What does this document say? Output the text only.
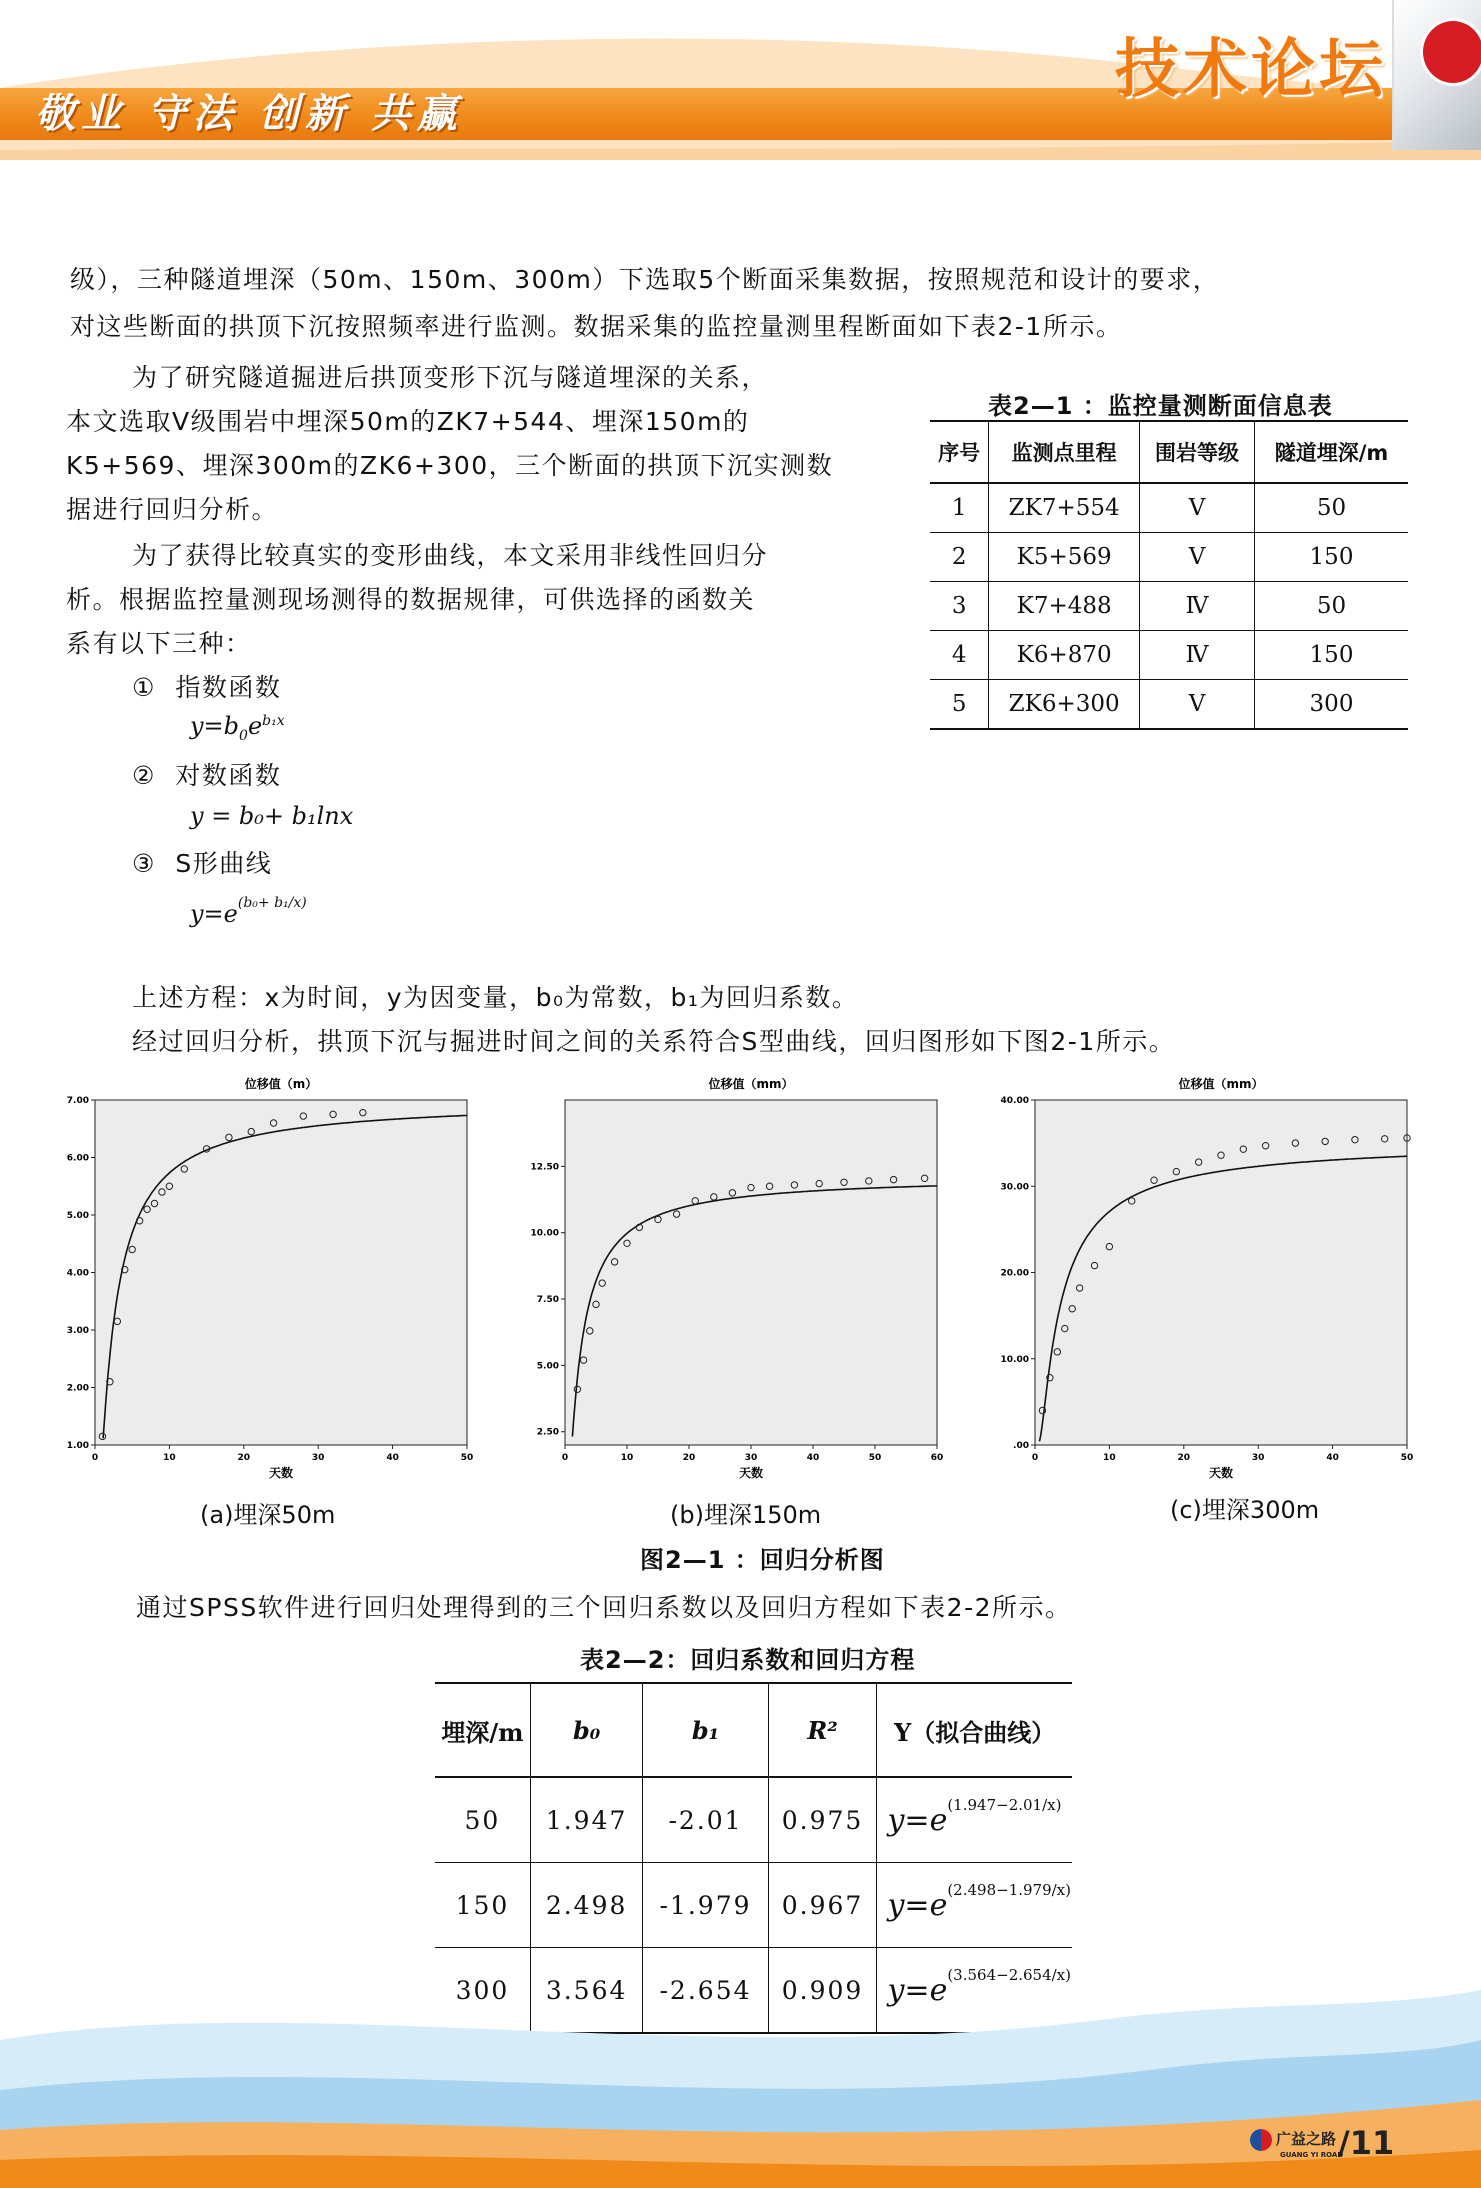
敬业 守法 创新 共赢
技术论坛
级），三种隧道埋深（50m、150m、300m）下选取5个断面采集数据，按照规范和设计的要求，
对这些断面的拱顶下沉按照频率进行监测。数据采集的监控量测里程断面如下表2-1所示。
为了研究隧道掘进后拱顶变形下沉与隧道埋深的关系，
本文选取V级围岩中埋深50m的ZK7+544、埋深150m的
K5+569、埋深300m的ZK6+300，三个断面的拱顶下沉实测数
据进行回归分析。
为了获得比较真实的变形曲线，本文采用非线性回归分
析。根据监控量测现场测得的数据规律，可供选择的函数关
系有以下三种：
① 指数函数
$y=b_0e^{b_1x}$
② 对数函数
y = b₀+ b₁lnx
③ S形曲线
$y=e^{(b_0+ b_1/x)}$
上述方程：x为时间，y为因变量，b₀为常数，b₁为回归系数。
经过回归分析，拱顶下沉与掘进时间之间的关系符合S型曲线，回归图形如下图2-1所示。
表2—1 ：监控量测断面信息表
序号	监测点里程	围岩等级	隧道埋深/m
1	ZK7+554	V	50
2	K5+569	V	150
3	K7+488	Ⅳ	50
4	K6+870	Ⅳ	150
5	ZK6+300	V	300
位移值（m）
0	10	20	30	40	50
1.00
2.00
3.00
4.00
5.00
6.00
7.00
天数
位移值（mm）
0	10	20	30	40	50	60
2.50
5.00
7.50
10.00
12.50
天数
位移值（mm）
0	10	20	30	40	50
.00
10.00
20.00
30.00
40.00
天数
(a)埋深50m	(b)埋深150m	(c)埋深300m
图2—1 ：回归分析图
通过SPSS软件进行回归处理得到的三个回归系数以及回归方程如下表2-2所示。
表2—2：回归系数和回归方程
埋深/m	b₀	b₁	R²	Y（拟合曲线）
50	1.947	-2.01	0.975	$y=e^{(1.947-2.01/x)}$
150	2.498	-1.979	0.967	$y=e^{(2.498-1.979/x)}$
300	3.564	-2.654	0.909	$y=e^{(3.564-2.654/x)}$
广益之路
GUANG YI ROAD
/11
